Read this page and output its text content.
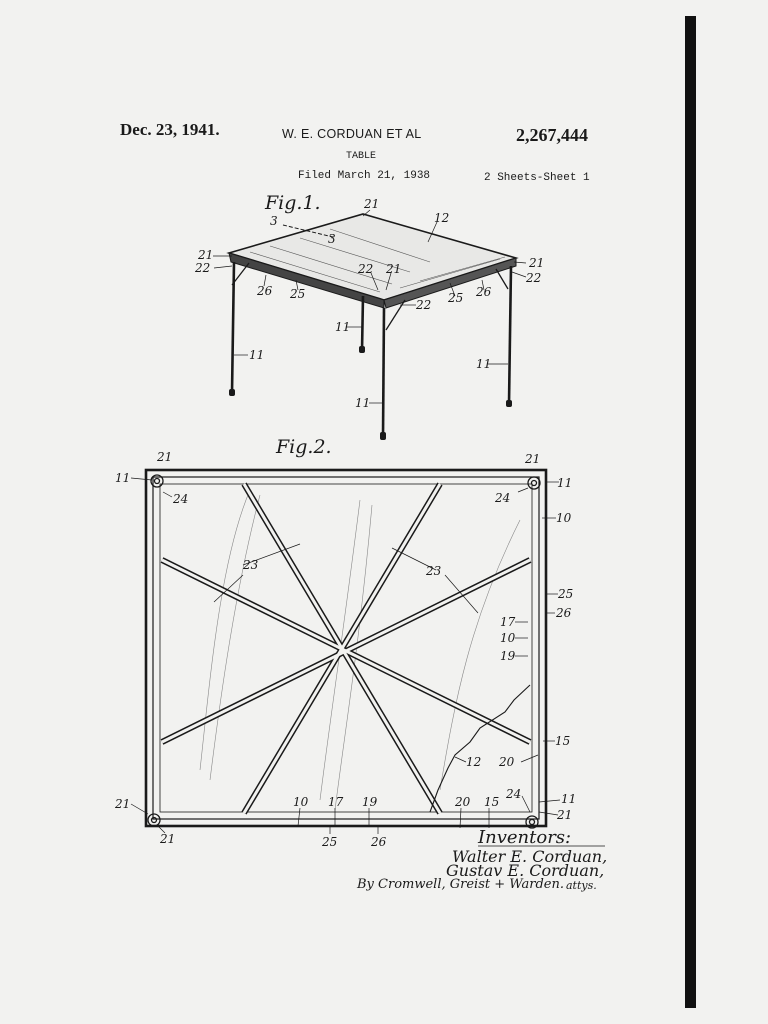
Dec. 23, 1941.	W. E. CORDUAN ET AL	2,267,444
TABLE
Filed March 21, 1938	2 Sheets-Sheet 1
Fig.1.	21
12
3
3
21
22	21
22
26 25
22 21
22 25 26
11
11
11
11
Fig.2.
21	21
11	11
24	24
10
23	23
25
26
17
10
19
15
12 20
24	11
21
21
21
10 17 19	20 15
25	26	Inventors:
Walter E. Corduan,
Gustav E. Corduan,
By Cromwell, Greist + Warden. attys.
